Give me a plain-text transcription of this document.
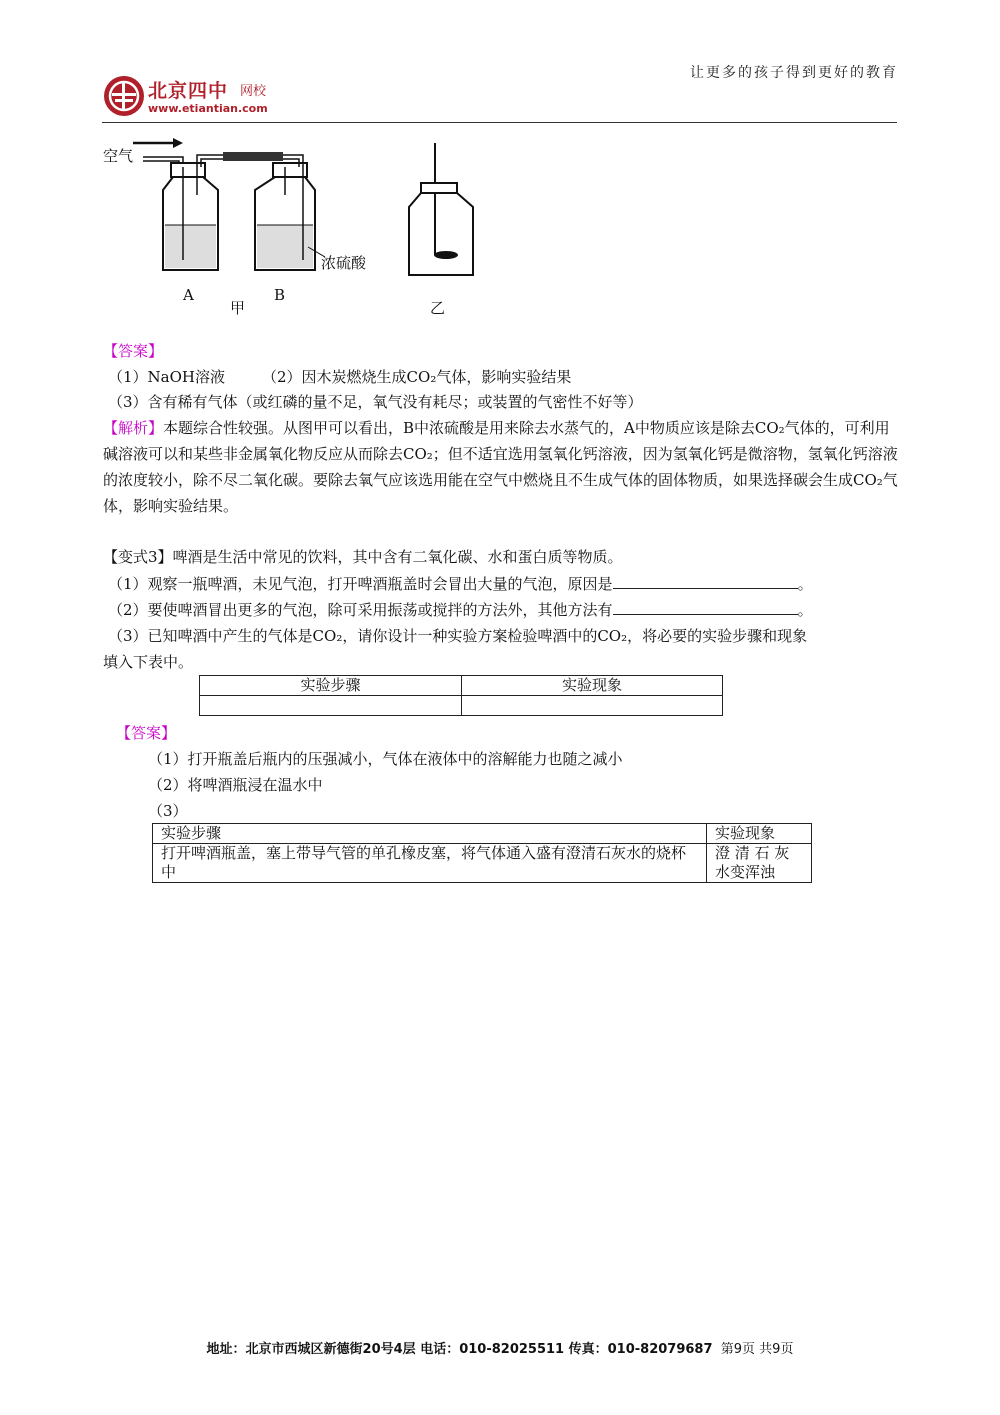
让更多的孩子得到更好的教育
北京四中 网校
www.etiantian.com
空气
A	B
浓硫酸
甲	乙
【答案】
（1）NaOH溶液 （2）因木炭燃烧生成CO₂气体，影响实验结果
（3）含有稀有气体（或红磷的量不足，氧气没有耗尽；或装置的气密性不好等）
【解析】本题综合性较强。从图甲可以看出，B中浓硫酸是用来除去水蒸气的，A中物质应该是除去CO₂气体的，可利用碱溶液可以和某些非金属氧化物反应从而除去CO₂；但不适宜选用氢氧化钙溶液，因为氢氧化钙是微溶物，氢氧化钙溶液的浓度较小，除不尽二氧化碳。要除去氧气应该选用能在空气中燃烧且不生成气体的固体物质，如果选择碳会生成CO₂气体，影响实验结果。
【变式3】啤酒是生活中常见的饮料，其中含有二氧化碳、水和蛋白质等物质。
（1）观察一瓶啤酒，未见气泡，打开啤酒瓶盖时会冒出大量的气泡，原因是	。
（2）要使啤酒冒出更多的气泡，除可采用振荡或搅拌的方法外，其他方法有	。
（3）已知啤酒中产生的气体是CO₂，请你设计一种实验方案检验啤酒中的CO₂，将必要的实验步骤和现象
填入下表中。
实验步骤	实验现象

【答案】
（1）打开瓶盖后瓶内的压强减小，气体在液体中的溶解能力也随之减小
（2）将啤酒瓶浸在温水中
（3）
实验步骤	实验现象
打开啤酒瓶盖，塞上带导气管的单孔橡皮塞，将气体通入盛有澄清石灰水的烧杯中	澄 清 石 灰 水变浑浊
地址：北京市西城区新德街20号4层 电话：010-82025511 传真：010-82079687 第9页 共9页
